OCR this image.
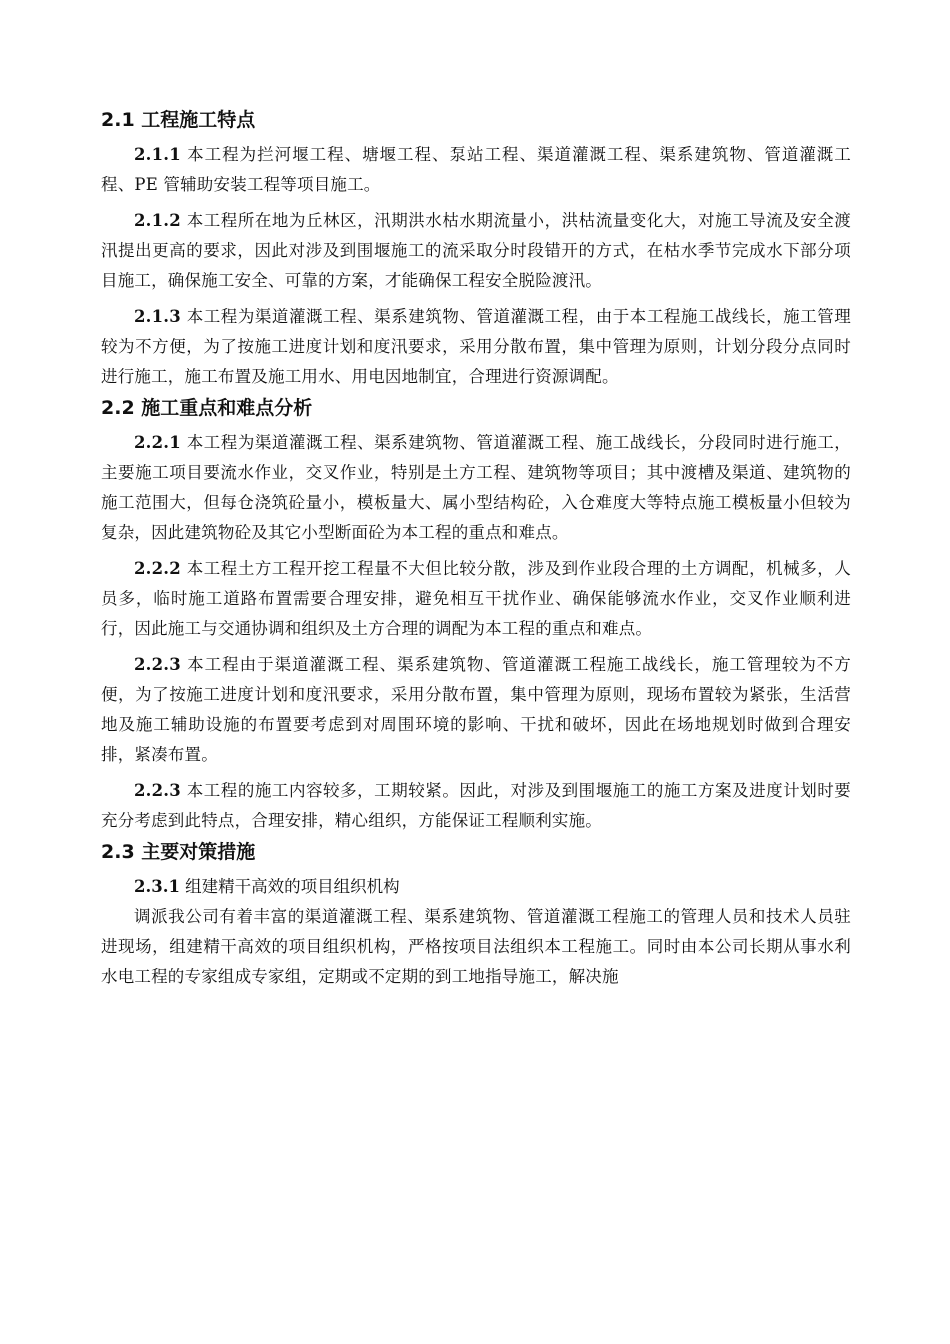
2.1 工程施工特点

2.1.1 本工程为拦河堰工程、塘堰工程、泵站工程、渠道灌溉工程、渠系建筑物、管道灌溉工程、PE 管辅助安装工程等项目施工。

2.1.2 本工程所在地为丘林区，汛期洪水枯水期流量小，洪枯流量变化大，对施工导流及安全渡汛提出更高的要求，因此对涉及到围堰施工的流采取分时段错开的方式，在枯水季节完成水下部分项目施工，确保施工安全、可靠的方案，才能确保工程安全脱险渡汛。

2.1.3 本工程为渠道灌溉工程、渠系建筑物、管道灌溉工程，由于本工程施工战线长，施工管理较为不方便，为了按施工进度计划和度汛要求，采用分散布置，集中管理为原则，计划分段分点同时进行施工，施工布置及施工用水、用电因地制宜，合理进行资源调配。

2.2 施工重点和难点分析

2.2.1 本工程为渠道灌溉工程、渠系建筑物、管道灌溉工程、施工战线长，分段同时进行施工，主要施工项目要流水作业，交叉作业，特别是土方工程、建筑物等项目；其中渡槽及渠道、建筑物的施工范围大，但每仓浇筑砼量小，模板量大、属小型结构砼，入仓难度大等特点施工模板量小但较为复杂，因此建筑物砼及其它小型断面砼为本工程的重点和难点。

2.2.2 本工程土方工程开挖工程量不大但比较分散，涉及到作业段合理的土方调配，机械多，人员多，临时施工道路布置需要合理安排，避免相互干扰作业、确保能够流水作业，交叉作业顺利进行，因此施工与交通协调和组织及土方合理的调配为本工程的重点和难点。

2.2.3 本工程由于渠道灌溉工程、渠系建筑物、管道灌溉工程施工战线长，施工管理较为不方便，为了按施工进度计划和度汛要求，采用分散布置，集中管理为原则，现场布置较为紧张，生活营地及施工辅助设施的布置要考虑到对周围环境的影响、干扰和破坏，因此在场地规划时做到合理安排，紧凑布置。

2.2.3 本工程的施工内容较多，工期较紧。因此，对涉及到围堰施工的施工方案及进度计划时要充分考虑到此特点，合理安排，精心组织，方能保证工程顺利实施。

2.3 主要对策措施

2.3.1 组建精干高效的项目组织机构

调派我公司有着丰富的渠道灌溉工程、渠系建筑物、管道灌溉工程施工的管理人员和技术人员驻进现场，组建精干高效的项目组织机构，严格按项目法组织本工程施工。同时由本公司长期从事水利水电工程的专家组成专家组，定期或不定期的到工地指导施工，解决施
